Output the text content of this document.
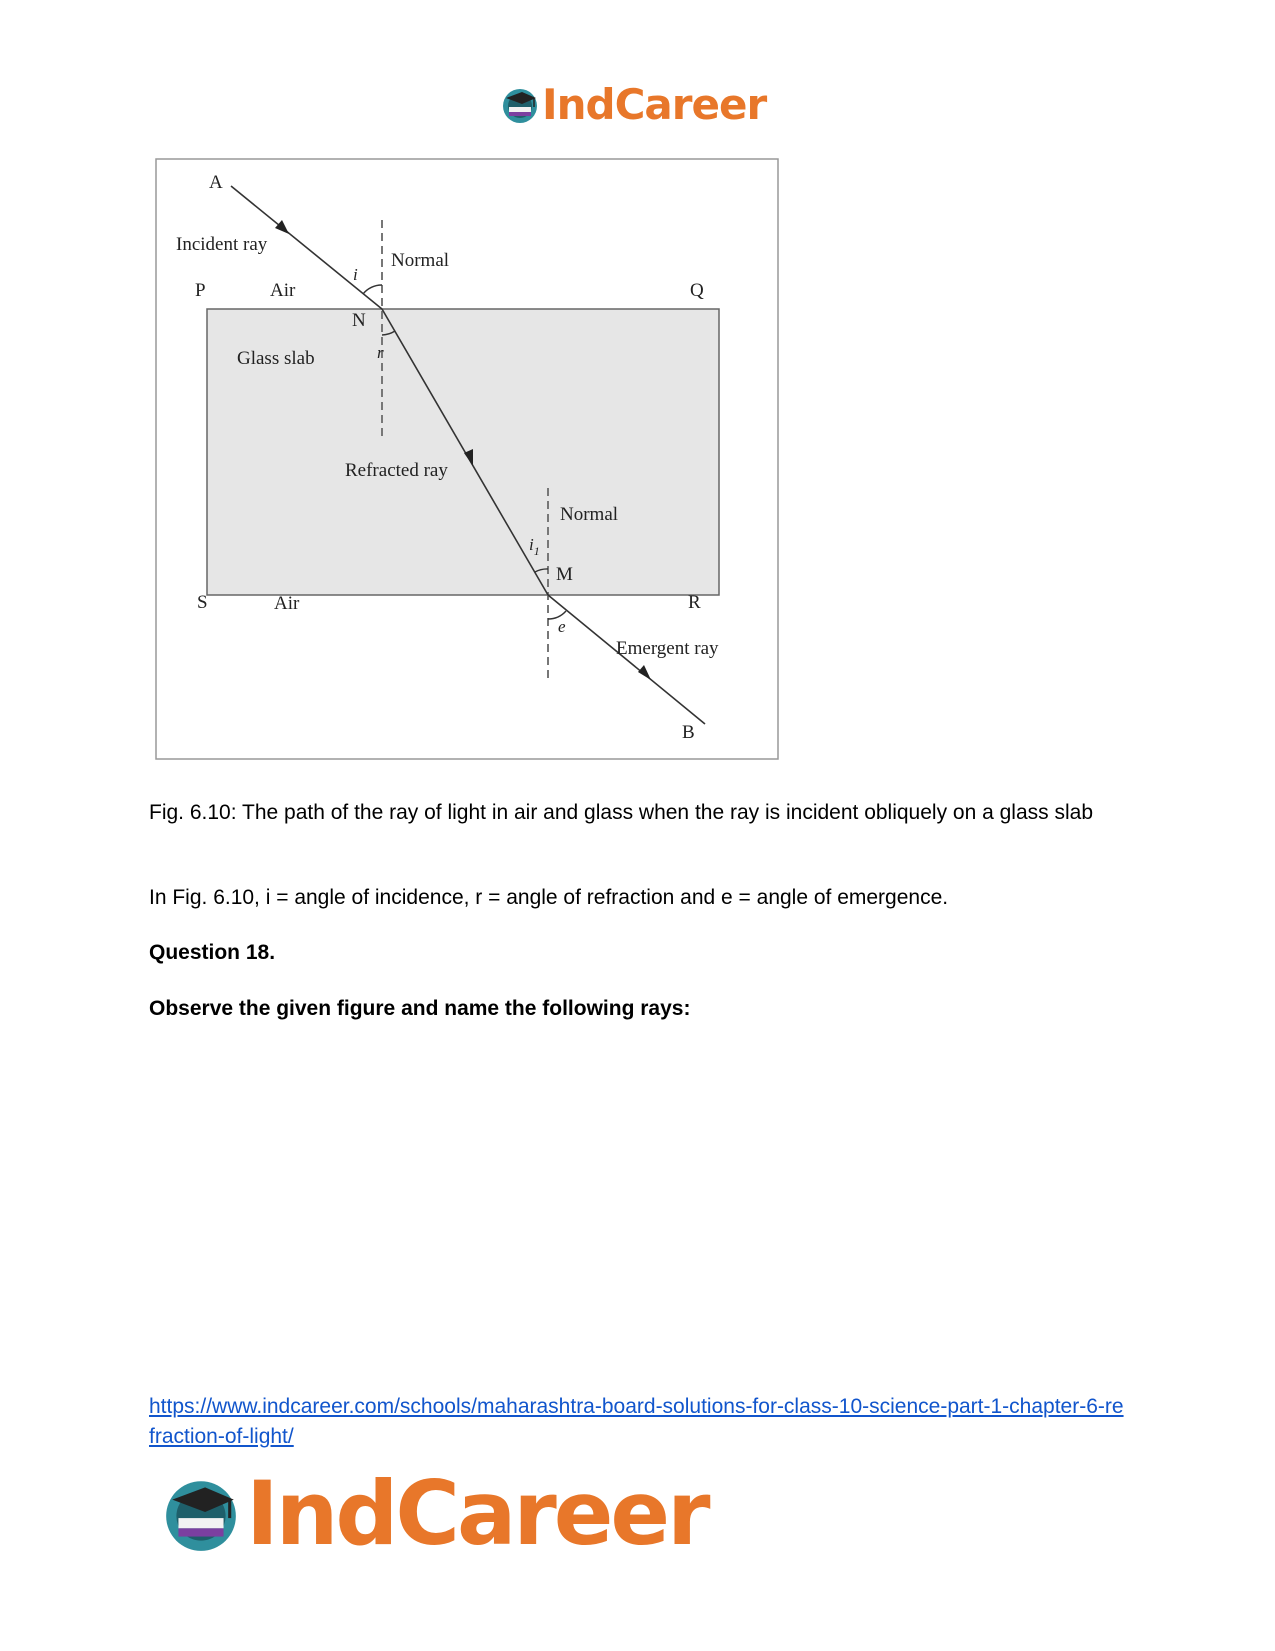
IndCareer
A
Incident ray
Normal
i
P	Air	Q
N
r
Glass slab
Refracted ray
Normal
$i_1$
M
S	Air	R
e
Emergent ray
B
Fig. 6.10: The path of the ray of light in air and glass when the ray is incident obliquely on a glass slab
In Fig. 6.10, i = angle of incidence, r = angle of refraction and e = angle of emergence.
Question 18.
Observe the given figure and name the following rays:
https://www.indcareer.com/schools/maharashtra-board-solutions-for-class-10-science-part-1-chapter-6-refraction-of-light/
IndCareer
